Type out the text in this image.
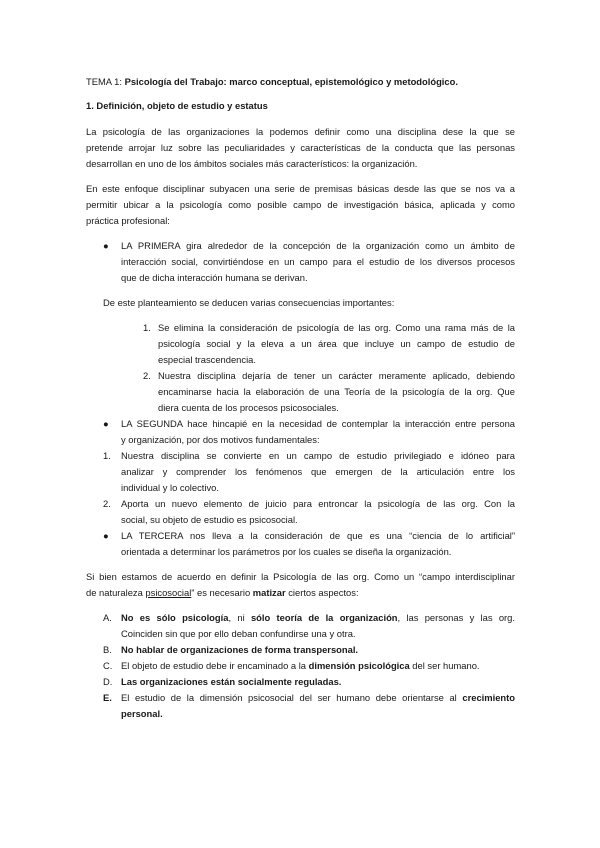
TEMA 1: Psicología del Trabajo: marco conceptual, epistemológico y metodológico.
1. Definición, objeto de estudio y estatus
La psicología de las organizaciones la podemos definir como una disciplina dese la que se
pretende arrojar luz sobre las peculiaridades y características de la conducta que las personas
desarrollan en uno de los ámbitos sociales más característicos: la organización.
En este enfoque disciplinar subyacen una serie de premisas básicas desde las que se nos va a
permitir ubicar a la psicología como posible campo de investigación básica, aplicada y como
práctica profesional:
● LA PRIMERA gira alrededor de la concepción de la organización como un ámbito de
interacción social, convirtiéndose en un campo para el estudio de los diversos procesos
que de dicha interacción humana se derivan.
De este planteamiento se deducen varias consecuencias importantes:
1. Se elimina la consideración de psicología de las org. Como una rama más de la
psicología social y la eleva a un área que incluye un campo de estudio de
especial trascendencia.
2. Nuestra disciplina dejaría de tener un carácter meramente aplicado, debiendo
encaminarse hacia la elaboración de una Teoría de la psicología de la org. Que
diera cuenta de los procesos psicosociales.
● LA SEGUNDA hace hincapié en la necesidad de contemplar la interacción entre persona
y organización, por dos motivos fundamentales:
1. Nuestra disciplina se convierte en un campo de estudio privilegiado e idóneo para
analizar y comprender los fenómenos que emergen de la articulación entre los
individual y lo colectivo.
2. Aporta un nuevo elemento de juicio para entroncar la psicología de las org. Con la
social, su objeto de estudio es psicosocial.
● LA TERCERA nos lleva a la consideración de que es una “ciencia de lo artificial”
orientada a determinar los parámetros por los cuales se diseña la organización.
Si bien estamos de acuerdo en definir la Psicología de las org. Como un “campo interdisciplinar
de naturaleza psicosocial” es necesario matizar ciertos aspectos:
A. No es sólo psicología, ni sólo teoría de la organización, las personas y las org.
Coinciden sin que por ello deban confundirse una y otra.
B. No hablar de organizaciones de forma transpersonal.
C. El objeto de estudio debe ir encaminado a la dimensión psicológica del ser humano.
D. Las organizaciones están socialmente reguladas.
E. El estudio de la dimensión psicosocial del ser humano debe orientarse al crecimiento
personal.
